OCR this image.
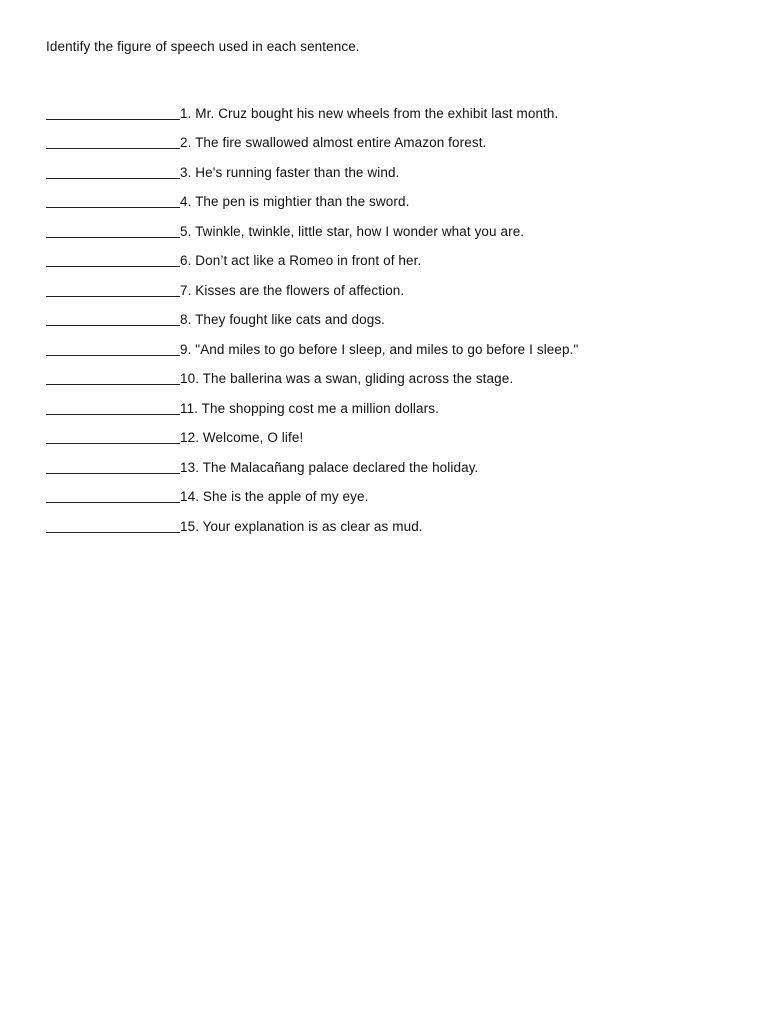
Identify the figure of speech used in each sentence.
1. Mr. Cruz bought his new wheels from the exhibit last month.
2. The fire swallowed almost entire Amazon forest.
3. He's running faster than the wind.
4. The pen is mightier than the sword.
5. Twinkle, twinkle, little star, how I wonder what you are.
6. Don’t act like a Romeo in front of her.
7. Kisses are the flowers of affection.
8. They fought like cats and dogs.
9. "And miles to go before I sleep, and miles to go before I sleep."
10. The ballerina was a swan, gliding across the stage.
11. The shopping cost me a million dollars.
12. Welcome, O life!
13. The Malacañang palace declared the holiday.
14. She is the apple of my eye.
15. Your explanation is as clear as mud.
